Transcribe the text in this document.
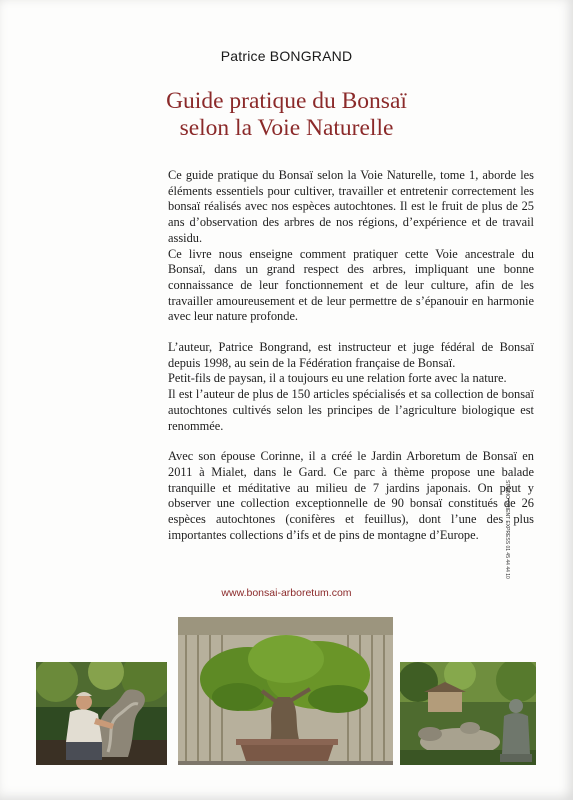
Patrice BONGRAND
Guide pratique du Bonsaï
selon la Voie Naturelle

Ce guide pratique du Bonsaï selon la Voie Naturelle, tome 1, aborde les éléments essentiels pour cultiver, travailler et entretenir correctement les bonsaï réalisés avec nos espèces autochtones. Il est le fruit de plus de 25 ans d’observation des arbres de nos régions, d’expérience et de travail assidu.

Ce livre nous enseigne comment pratiquer cette Voie ancestrale du Bonsaï, dans un grand respect des arbres, impliquant une bonne connaissance de leur fonctionnement et de leur culture, afin de les travailler amoureusement et de leur permettre de s’épanouir en harmonie avec leur nature profonde.

L’auteur, Patrice Bongrand, est instructeur et juge fédéral de Bonsaï depuis 1998, au sein de la Fédération française de Bonsaï.

Petit-fils de paysan, il a toujours eu une relation forte avec la nature.

Il est l’auteur de plus de 150 articles spécialisés et sa collection de bonsaï autochtones cultivés selon les principes de l’agriculture biologique est renommée.

Avec son épouse Corinne, il a créé le Jardin Arboretum de Bonsaï en 2011 à Mialet, dans le Gard. Ce parc à thème propose une balade tranquille et méditative au milieu de 7 jardins japonais. On peut y observer une collection exceptionnelle de 90 bonsaï constitués de 26 espèces autochtones (conifères et feuillus), dont l’une des plus importantes collections d’ifs et de pins de montagne d’Europe.	STUDIO ORIENT EXPRESS 01 45 44 44 10
www.bonsai-arboretum.com
